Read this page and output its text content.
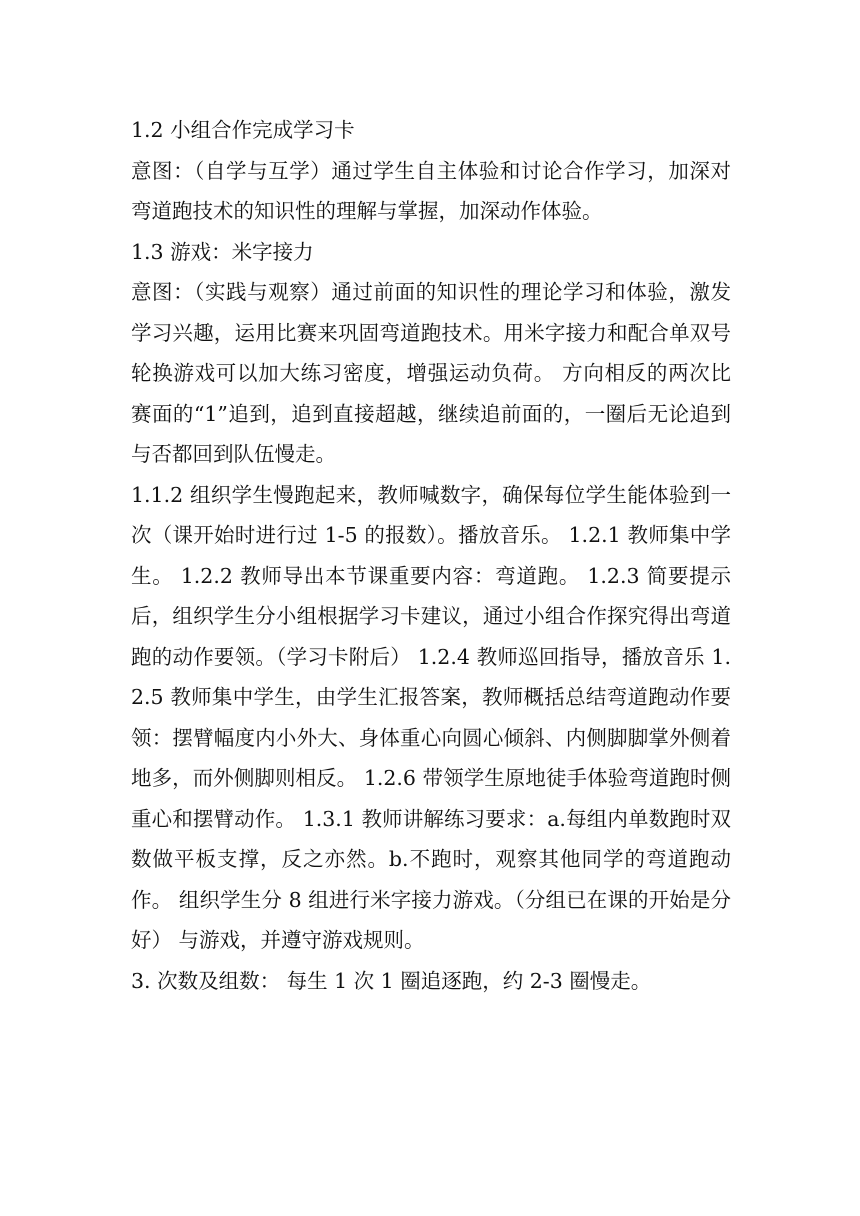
1.2 小组合作完成学习卡

意图：（自学与互学）通过学生自主体验和讨论合作学习，加深对弯道跑技术的知识性的理解与掌握，加深动作体验。

1.3 游戏：米字接力

意图：（实践与观察）通过前面的知识性的理论学习和体验，激发学习兴趣，运用比赛来巩固弯道跑技术。用米字接力和配合单双号轮换游戏可以加大练习密度，增强运动负荷。 方向相反的两次比赛面的“1”追到，追到直接超越，继续追前面的，一圈后无论追到与否都回到队伍慢走。

1.1.2 组织学生慢跑起来，教师喊数字，确保每位学生能体验到一次（课开始时进行过 1-5 的报数）。播放音乐。 1.2.1 教师集中学生。 1.2.2 教师导出本节课重要内容：弯道跑。 1.2.3 简要提示后，组织学生分小组根据学习卡建议，通过小组合作探究得出弯道跑的动作要领。（学习卡附后） 1.2.4 教师巡回指导，播放音乐 1.2.5 教师集中学生，由学生汇报答案，教师概括总结弯道跑动作要领：摆臂幅度内小外大、身体重心向圆心倾斜、内侧脚脚掌外侧着地多，而外侧脚则相反。 1.2.6 带领学生原地徒手体验弯道跑时侧重心和摆臂动作。 1.3.1 教师讲解练习要求：a.每组内单数跑时双数做平板支撑，反之亦然。b.不跑时，观察其他同学的弯道跑动作。 组织学生分 8 组进行米字接力游戏。（分组已在课的开始是分好） 与游戏，并遵守游戏规则。

3. 次数及组数： 每生 1 次 1 圈追逐跑，约 2-3 圈慢走。
